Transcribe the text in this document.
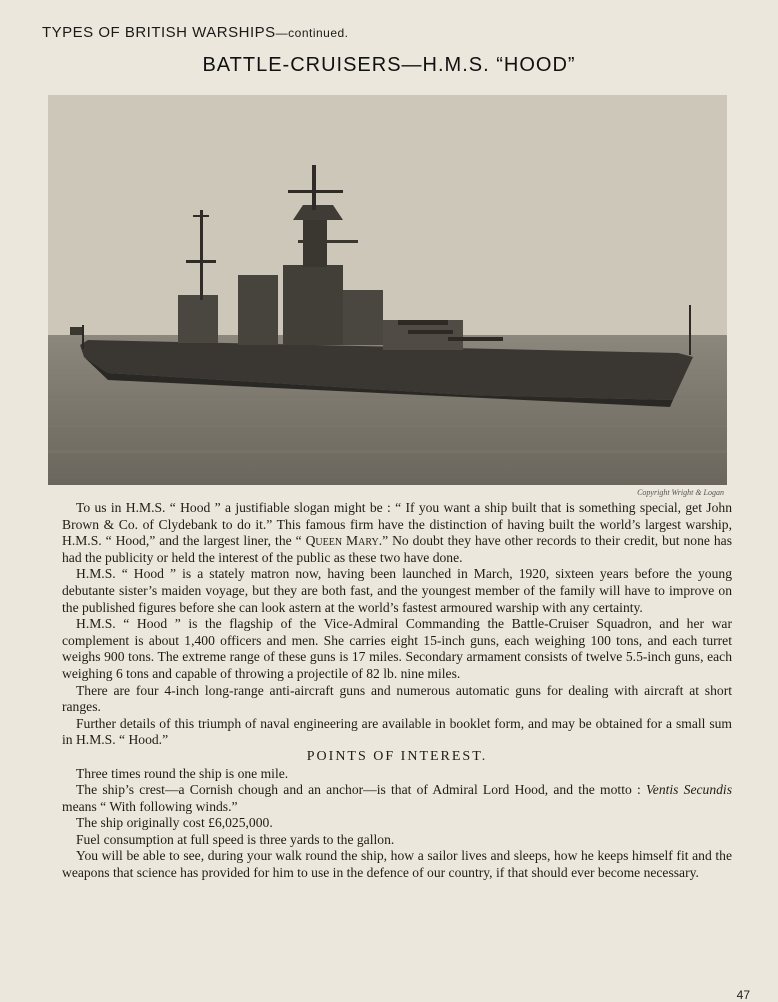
TYPES OF BRITISH WARSHIPS—continued.
BATTLE-CRUISERS—H.M.S. “HOOD”
Copyright Wright & Logan

To us in H.M.S. “ Hood ” a justifiable slogan might be : “ If you want a ship built that is something special, get John Brown & Co. of Clydebank to do it.” This famous firm have the distinction of having built the world’s largest warship, H.M.S. “ Hood,” and the largest liner, the “ Queen Mary.” No doubt they have other records to their credit, but none has had the publicity or held the interest of the public as these two have done.

H.M.S. “ Hood ” is a stately matron now, having been launched in March, 1920, sixteen years before the young debutante sister’s maiden voyage, but they are both fast, and the youngest member of the family will have to improve on the published figures before she can look astern at the world’s fastest armoured warship with any certainty.

H.M.S. “ Hood ” is the flagship of the Vice-Admiral Commanding the Battle-Cruiser Squadron, and her war complement is about 1,400 officers and men. She carries eight 15-inch guns, each weighing 100 tons, and each turret weighs 900 tons. The extreme range of these guns is 17 miles. Secondary armament consists of twelve 5.5-inch guns, each weighing 6 tons and capable of throwing a projectile of 82 lb. nine miles.

There are four 4-inch long-range anti-aircraft guns and numerous automatic guns for dealing with aircraft at short ranges.

Further details of this triumph of naval engineering are available in booklet form, and may be obtained for a small sum in H.M.S. “ Hood.”

POINTS OF INTEREST.

Three times round the ship is one mile.

The ship’s crest—a Cornish chough and an anchor—is that of Admiral Lord Hood, and the motto : Ventis Secundis means “ With following winds.”

The ship originally cost £6,025,000.

Fuel consumption at full speed is three yards to the gallon.

You will be able to see, during your walk round the ship, how a sailor lives and sleeps, how he keeps himself fit and the weapons that science has provided for him to use in the defence of our country, if that should ever become necessary.

47
